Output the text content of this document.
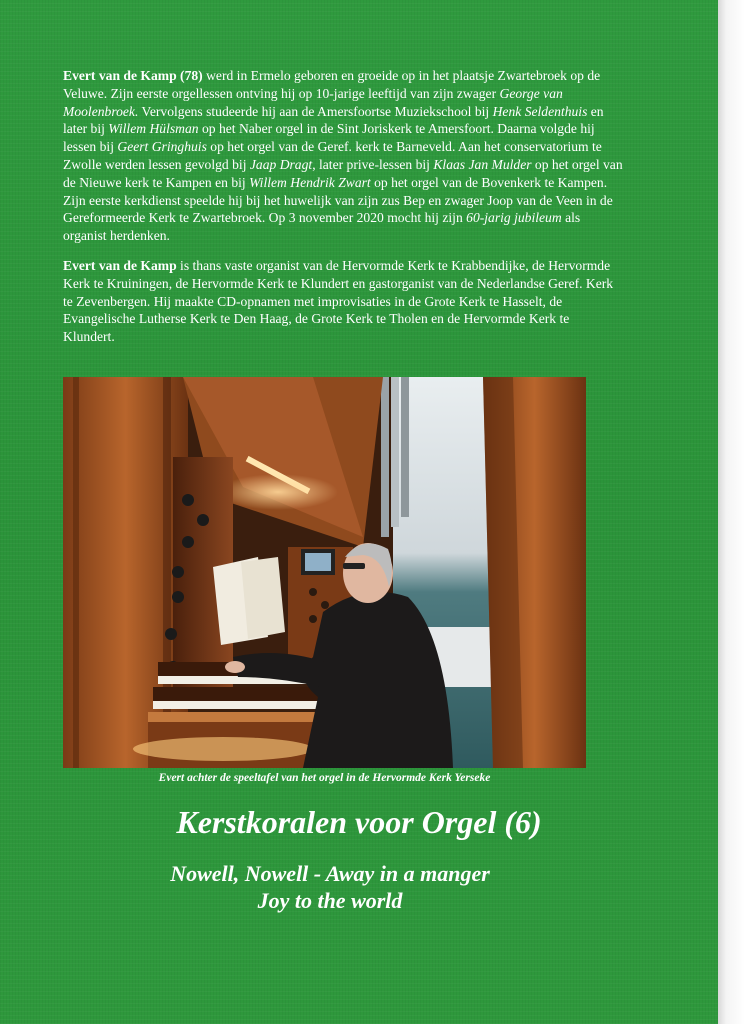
Evert van de Kamp (78) werd in Ermelo geboren en groeide op in het plaatsje Zwartebroek op de Veluwe. Zijn eerste orgellessen ontving hij op 10-jarige leeftijd van zijn zwager George van Moolenbroek. Vervolgens studeerde hij aan de Amersfoortse Muziekschool bij Henk Seldenthuis en later bij Willem Hülsman op het Naber orgel in de Sint Joriskerk te Amersfoort. Daarna volgde hij lessen bij Geert Gringhuis op het orgel van de Geref. kerk te Barneveld. Aan het conservatorium te Zwolle werden lessen gevolgd bij Jaap Dragt, later prive-lessen bij Klaas Jan Mulder op het orgel van de Nieuwe kerk te Kampen en bij Willem Hendrik Zwart op het orgel van de Bovenkerk te Kampen. Zijn eerste kerkdienst speelde hij bij het huwelijk van zijn zus Bep en zwager Joop van de Veen in de Gereformeerde Kerk te Zwartebroek. Op 3 november 2020 mocht hij zijn 60-jarig jubileum als organist herdenken.
Evert van de Kamp is thans vaste organist van de Hervormde Kerk te Krabbendijke, de Hervormde Kerk te Kruiningen, de Hervormde Kerk te Klundert en gastorganist van de Nederlandse Geref. Kerk te Zevenbergen. Hij maakte CD-opnamen met improvisaties in de Grote Kerk te Hasselt, de Evangelische Lutherse Kerk te Den Haag, de Grote Kerk te Tholen en de Hervormde Kerk te Klundert.
Evert achter de speeltafel van het orgel in de Hervormde Kerk Yerseke
Kerstkoralen voor Orgel (6)
Nowell, Nowell - Away in a manger
Joy to the world
